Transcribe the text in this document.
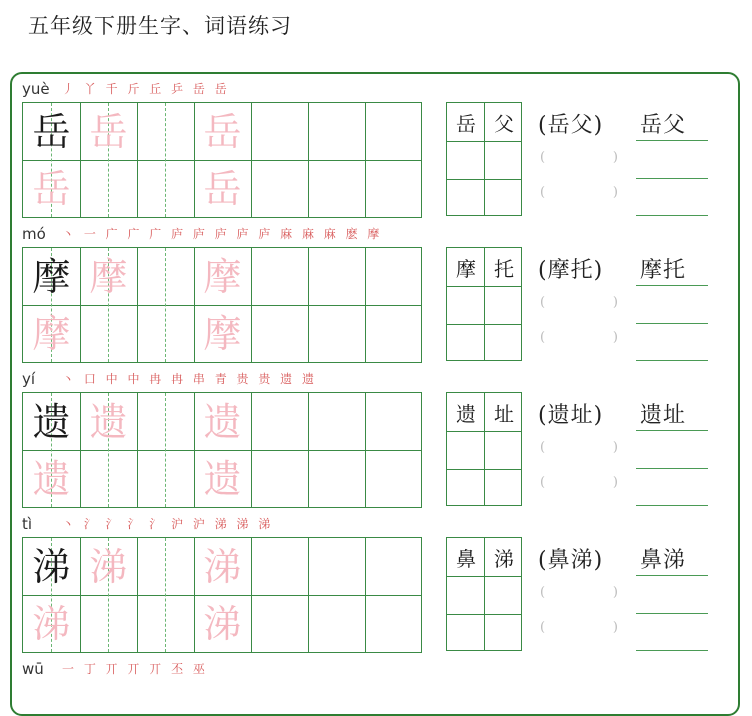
五年级下册生字、词语练习
yuè 丿 丫 千 斤 丘 乒 岳 岳
岳 岳 岳
岳	岳
岳 父	(岳父)
(	)
(	)
岳父
mó 丶 一 广 广 广 庐 庐 庐 庐 庐 麻 麻 麻 麽 摩
摩 摩 摩
摩	摩
摩 托	(摩托)
(	)
(	)
摩托
yí 丶 口 中 中 冉 冉 串 青 贵 贵 遗 遗
遗 遗 遗
遗	遗
遗 址	(遗址)
(	)
(	)
遗址
tì 丶 氵 氵 氵 氵 沪 沪 涕 涕 涕
涕 涕 涕
涕	涕
鼻 涕	(鼻涕)
(	)
(	)
鼻涕
wū 一 丁 丌 丌 丌 丕 巫
